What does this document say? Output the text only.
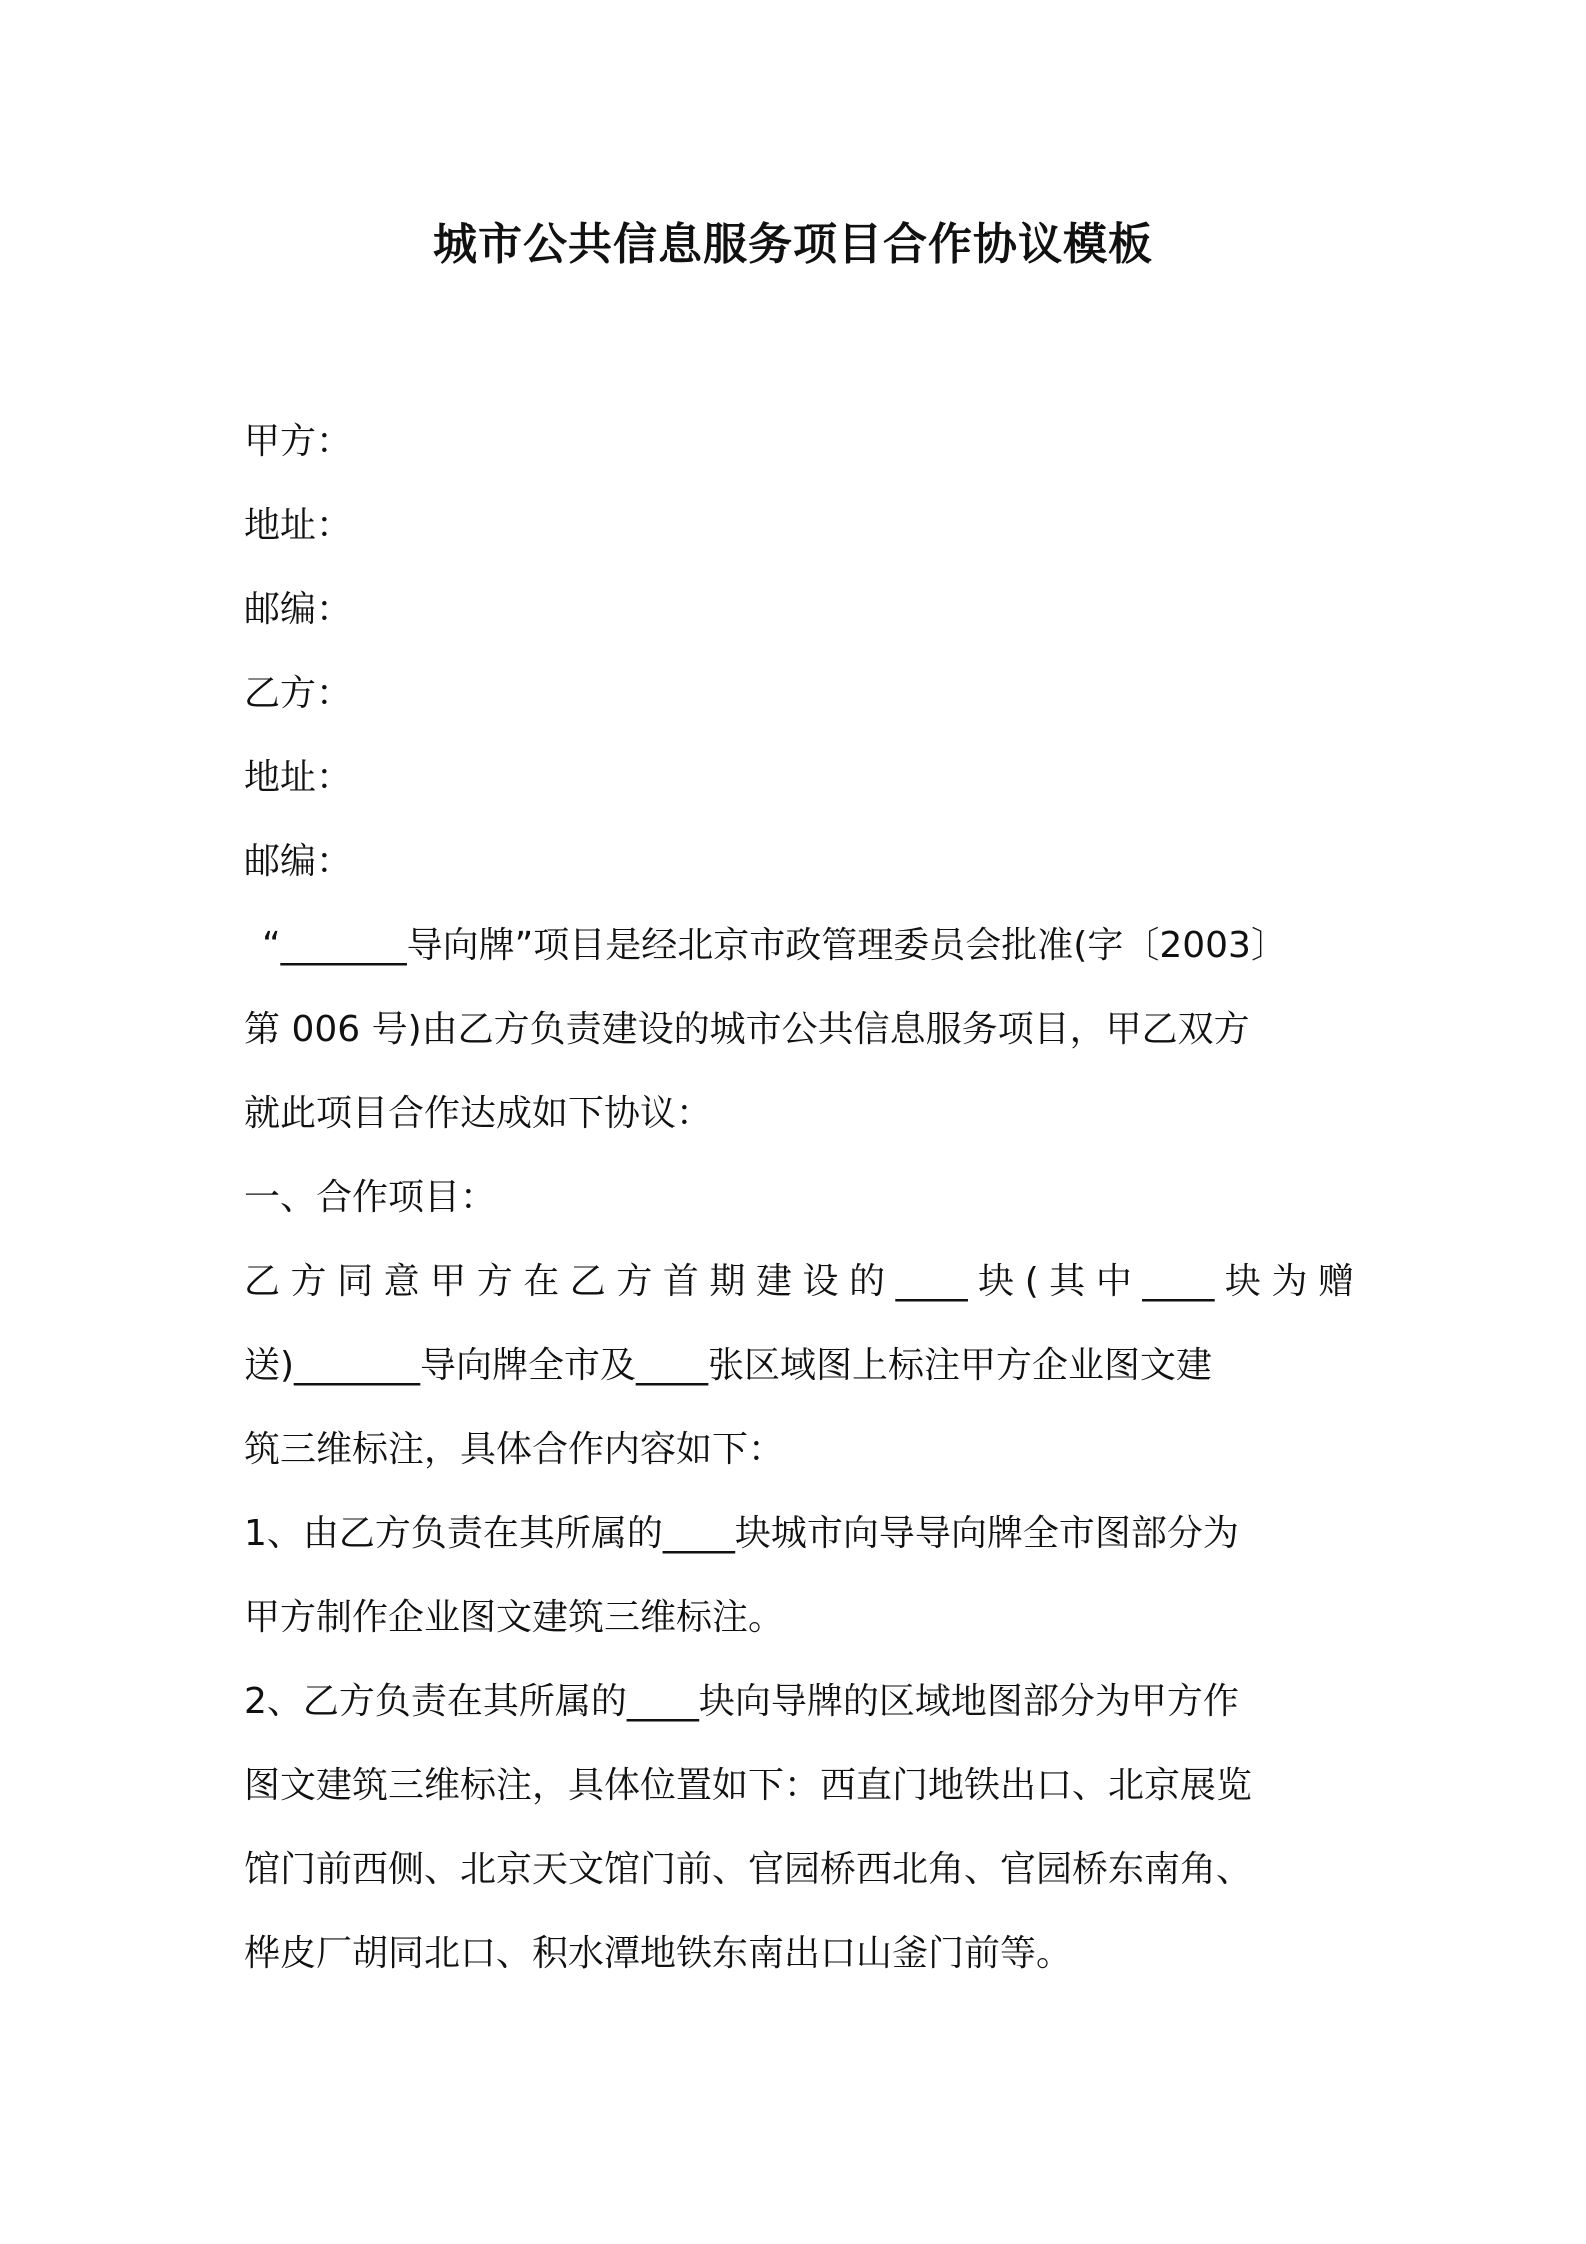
城市公共信息服务项目合作协议模板

甲方：

地址：

邮编：

乙方：

地址：

邮编：

“_______导向牌”项目是经北京市政管理委员会批准(字〔2003〕

第 006 号)由乙方负责建设的城市公共信息服务项目，甲乙双方

就此项目合作达成如下协议：

一、合作项目：

乙方同意甲方在乙方首期建设的____块(其中____块为赠

送)_______导向牌全市及____张区域图上标注甲方企业图文建

筑三维标注，具体合作内容如下：

1、由乙方负责在其所属的____块城市向导导向牌全市图部分为

甲方制作企业图文建筑三维标注。

2、乙方负责在其所属的____块向导牌的区域地图部分为甲方作

图文建筑三维标注，具体位置如下：西直门地铁出口、北京展览

馆门前西侧、北京天文馆门前、官园桥西北角、官园桥东南角、

桦皮厂胡同北口、积水潭地铁东南出口山釜门前等。
